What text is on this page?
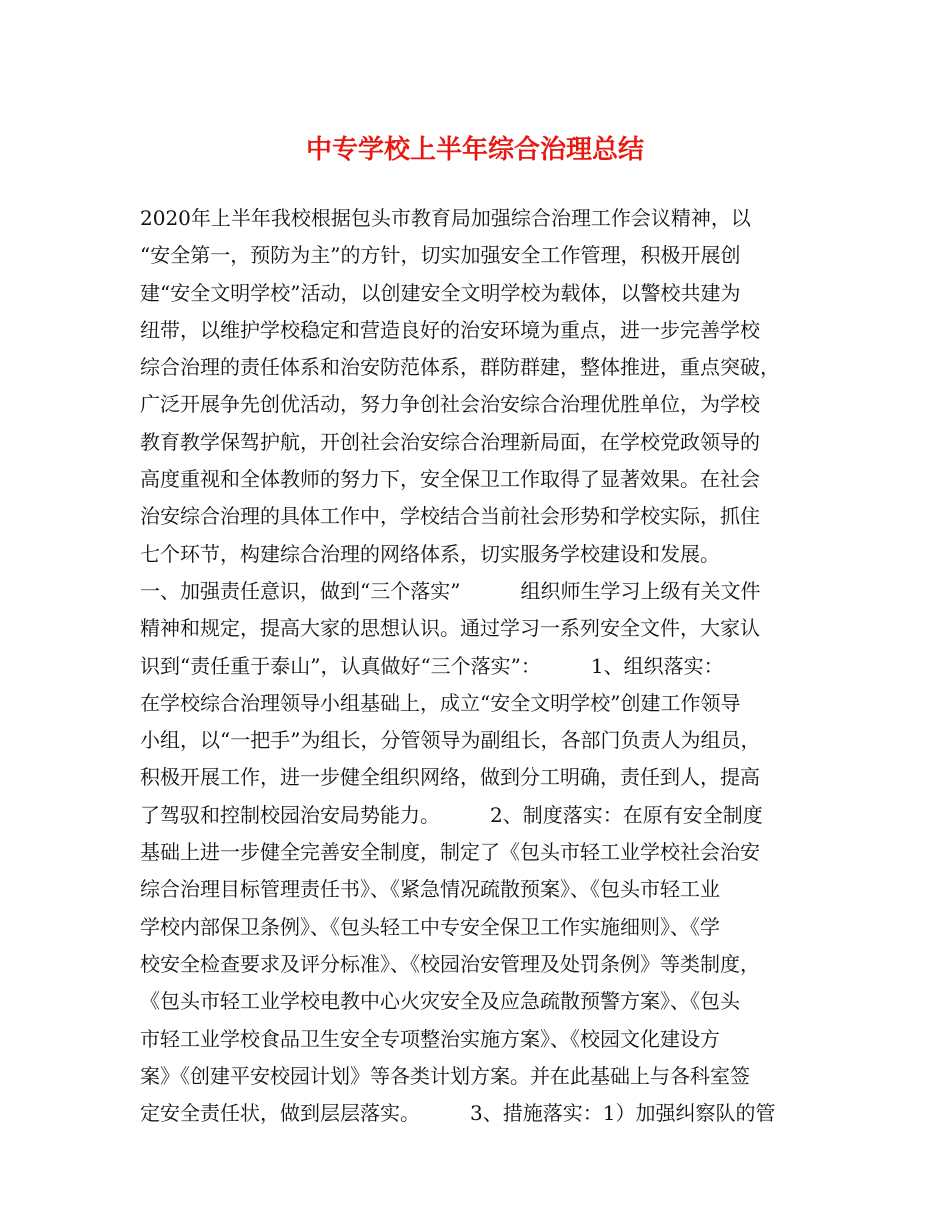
中专学校上半年综合治理总结
2020年上半年我校根据包头市教育局加强综合治理工作会议精神，以
“安全第一，预防为主”的方针，切实加强安全工作管理，积极开展创
建“安全文明学校”活动，以创建安全文明学校为载体，以警校共建为
纽带，以维护学校稳定和营造良好的治安环境为重点，进一步完善学校
综合治理的责任体系和治安防范体系，群防群建，整体推进，重点突破，
广泛开展争先创优活动，努力争创社会治安综合治理优胜单位，为学校
教育教学保驾护航，开创社会治安综合治理新局面，在学校党政领导的
高度重视和全体教师的努力下，安全保卫工作取得了显著效果。在社会
治安综合治理的具体工作中，学校结合当前社会形势和学校实际，抓住
七个环节，构建综合治理的网络体系，切实服务学校建设和发展。
一、加强责任意识，做到“三个落实”　　　组织师生学习上级有关文件
精神和规定，提高大家的思想认识。通过学习一系列安全文件，大家认
识到“责任重于泰山”，认真做好“三个落实”：　　　1、组织落实：
在学校综合治理领导小组基础上，成立“安全文明学校”创建工作领导
小组，以“一把手”为组长，分管领导为副组长，各部门负责人为组员，
积极开展工作，进一步健全组织网络，做到分工明确，责任到人，提高
了驾驭和控制校园治安局势能力。　　　2、制度落实：在原有安全制度
基础上进一步健全完善安全制度，制定了《包头市轻工业学校社会治安
综合治理目标管理责任书》、《紧急情况疏散预案》、《包头市轻工业
学校内部保卫条例》、《包头轻工中专安全保卫工作实施细则》、《学
校安全检查要求及评分标准》、《校园治安管理及处罚条例》等类制度，
《包头市轻工业学校电教中心火灾安全及应急疏散预警方案》、《包头
市轻工业学校食品卫生安全专项整治实施方案》、《校园文化建设方
案》《创建平安校园计划》等各类计划方案。并在此基础上与各科室签
定安全责任状，做到层层落实。　　　3、措施落实：1）加强纠察队的管
